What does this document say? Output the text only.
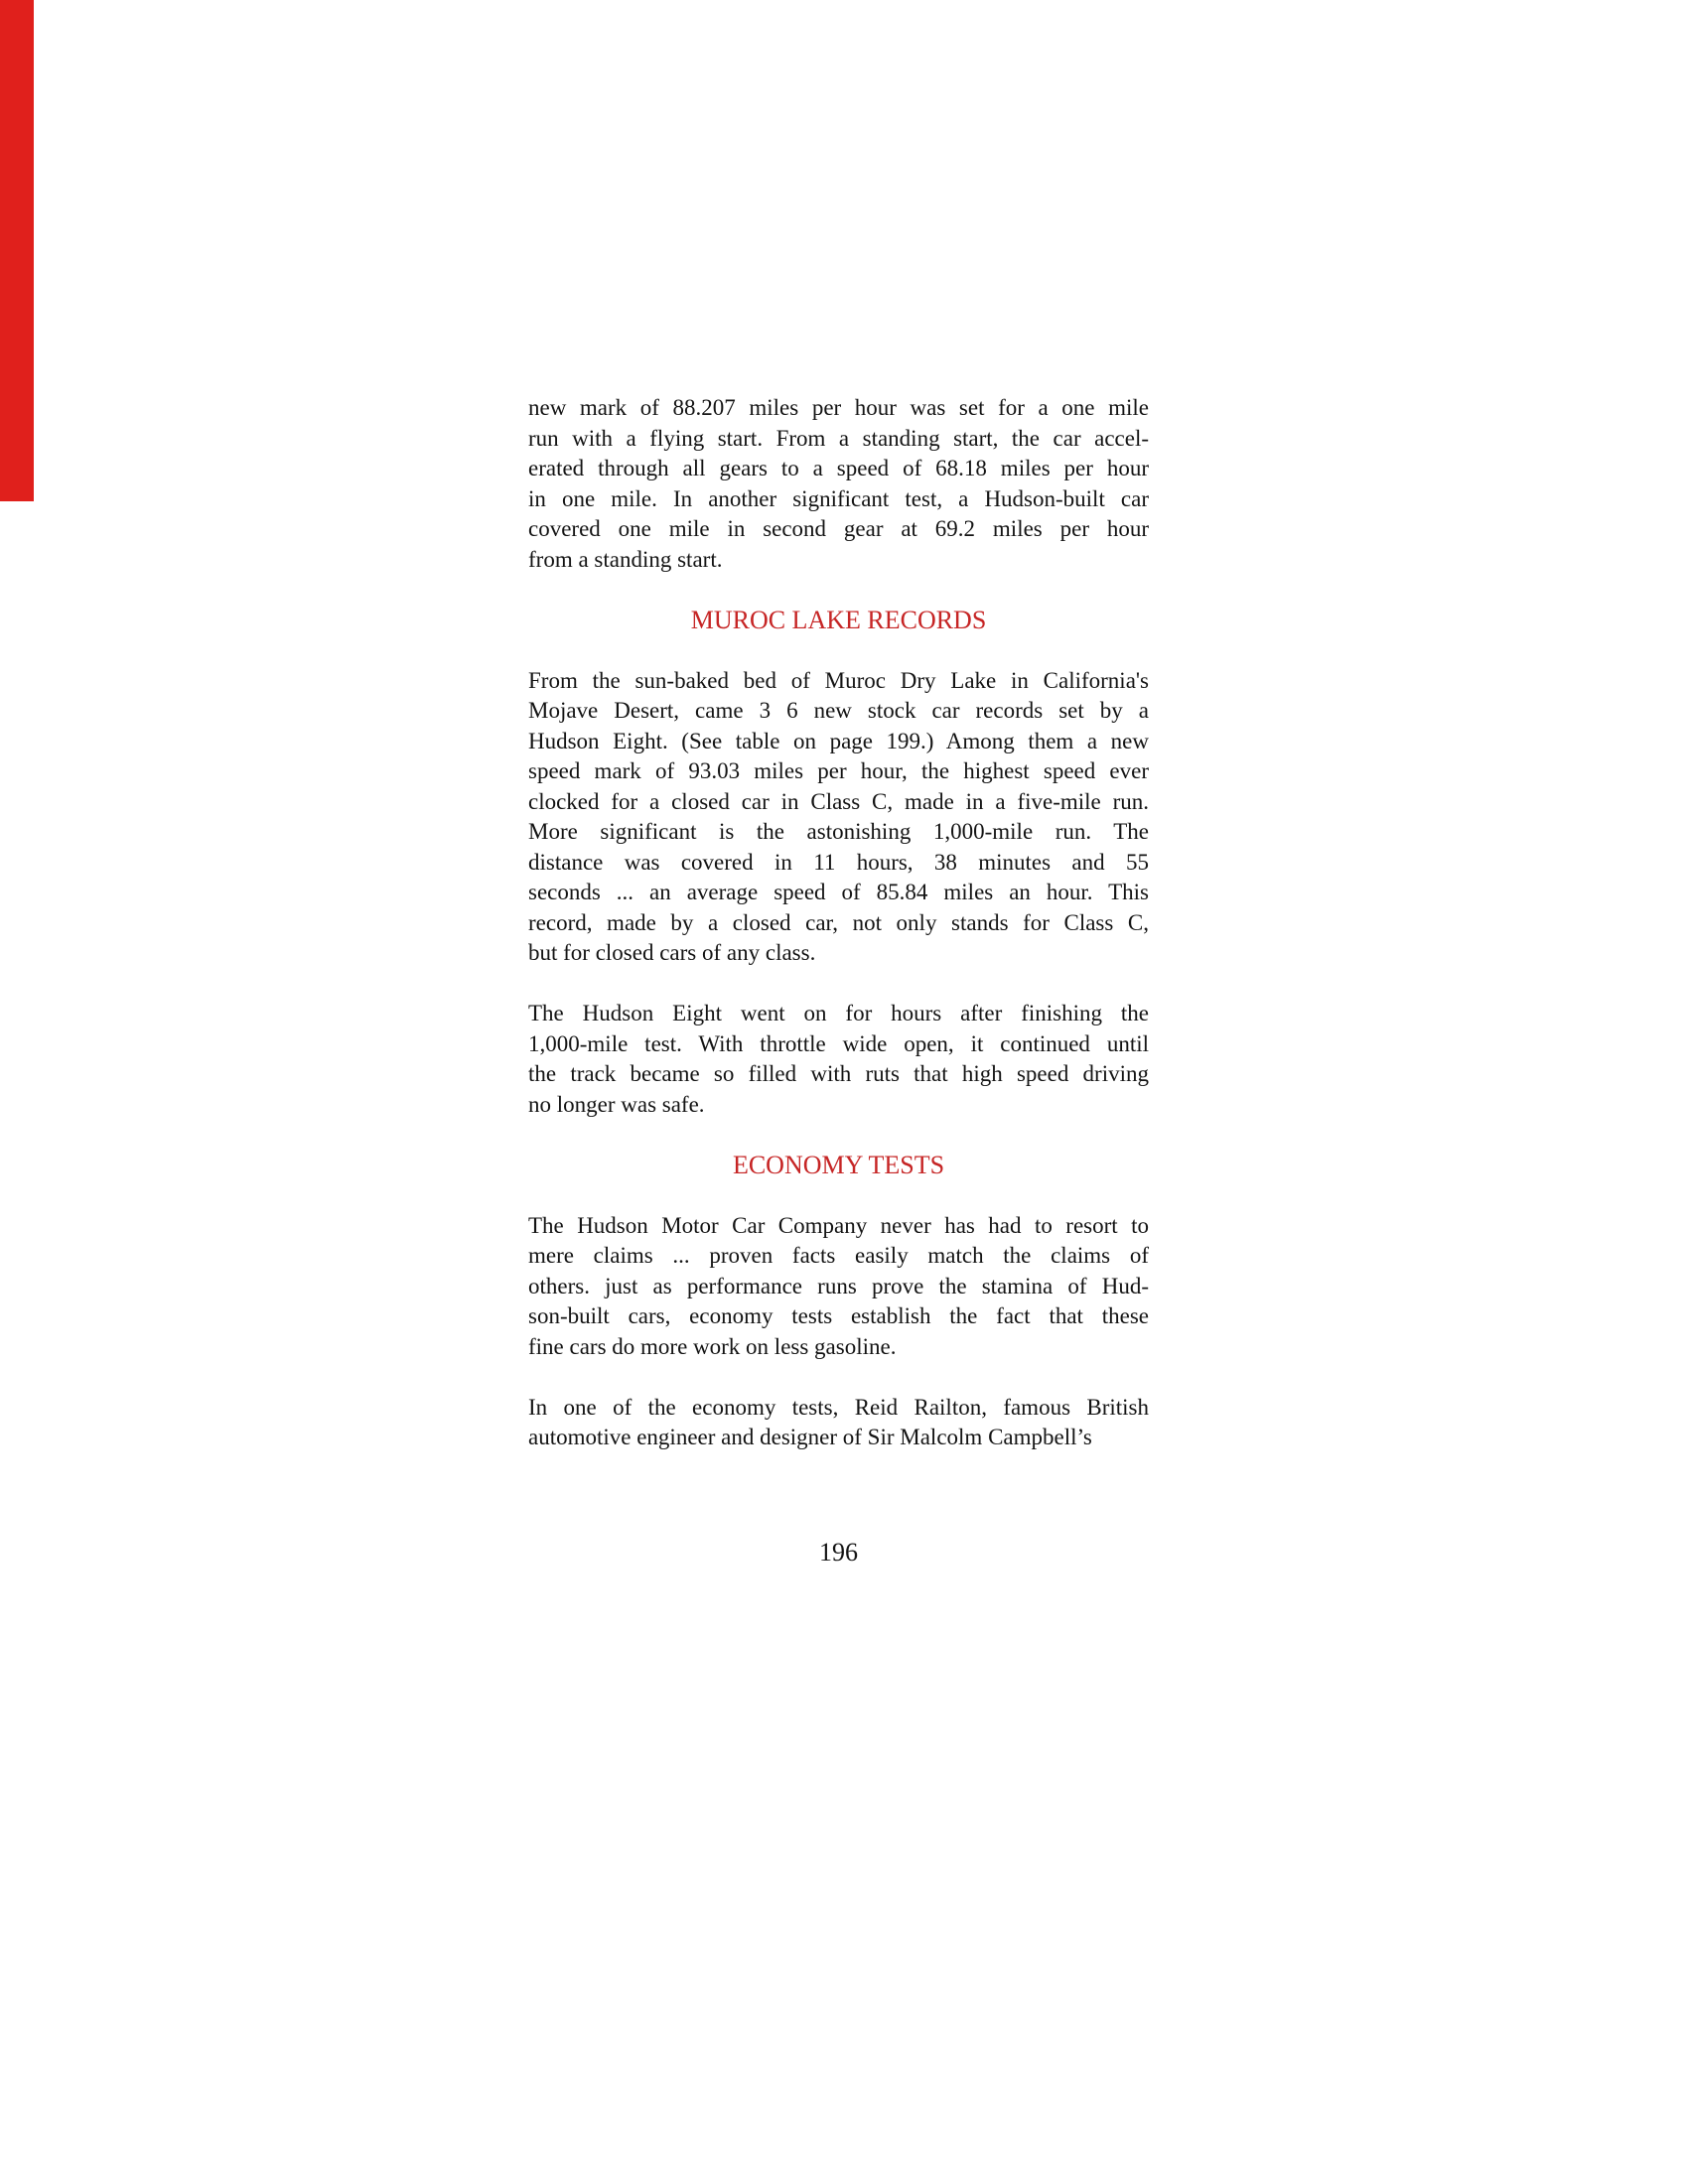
new mark of 88.207 miles per hour was set for a one mile
run with a flying start. From a standing start, the car accel-
erated through all gears to a speed of 68.18 miles per hour
in one mile. In another significant test, a Hudson-built car
covered one mile in second gear at 69.2 miles per hour
from a standing start.
MUROC LAKE RECORDS
From the sun-baked bed of Muroc Dry Lake in California's
Mojave Desert, came 3 6 new stock car records set by a
Hudson Eight. (See table on page 199.) Among them a new
speed mark of 93.03 miles per hour, the highest speed ever
clocked for a closed car in Class C, made in a five-mile run.
More significant is the astonishing 1,000-mile run. The
distance was covered in 11 hours, 38 minutes and 55
seconds ... an average speed of 85.84 miles an hour. This
record, made by a closed car, not only stands for Class C,
but for closed cars of any class.
The Hudson Eight went on for hours after finishing the
1,000-mile test. With throttle wide open, it continued until
the track became so filled with ruts that high speed driving
no longer was safe.
ECONOMY TESTS
The Hudson Motor Car Company never has had to resort to
mere claims ... proven facts easily match the claims of
others. just as performance runs prove the stamina of Hud-
son-built cars, economy tests establish the fact that these
fine cars do more work on less gasoline.
In one of the economy tests, Reid Railton, famous British
automotive engineer and designer of Sir Malcolm Campbell’s
196
